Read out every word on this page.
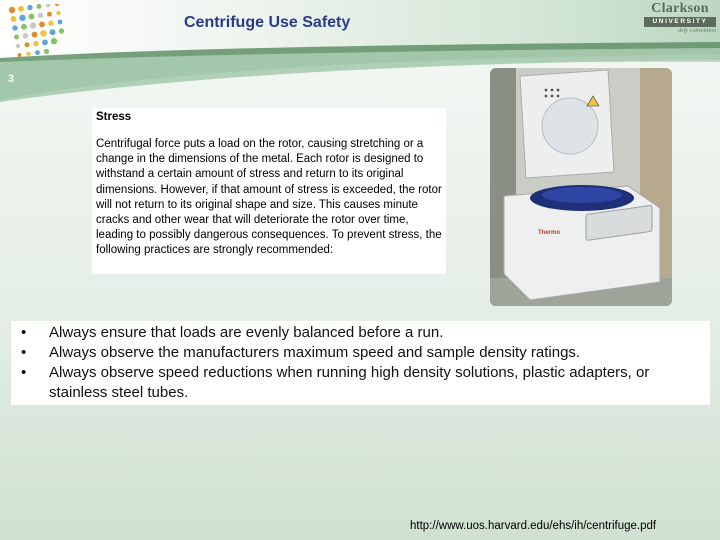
Centrifuge Use Safety
3
Clarkson
UNIVERSITY
defy convention
Stress
Centrifugal force puts a load on the rotor, causing stretching or a change in the dimensions of the metal. Each rotor is designed to withstand a certain amount of stress and return to its original dimensions. However, if that amount of stress is exceeded, the rotor will not return to its original shape and size. This causes minute cracks and other wear that will deteriorate the rotor over time, leading to possibly dangerous consequences. To prevent stress, the following practices are strongly recommended:
Thermo
• Always ensure that loads are evenly balanced before a run.
• Always observe the manufacturers maximum speed and sample density ratings.
• Always observe speed reductions when running high density solutions, plastic adapters, or stainless steel tubes.
http://www.uos.harvard.edu/ehs/ih/centrifuge.pdf
